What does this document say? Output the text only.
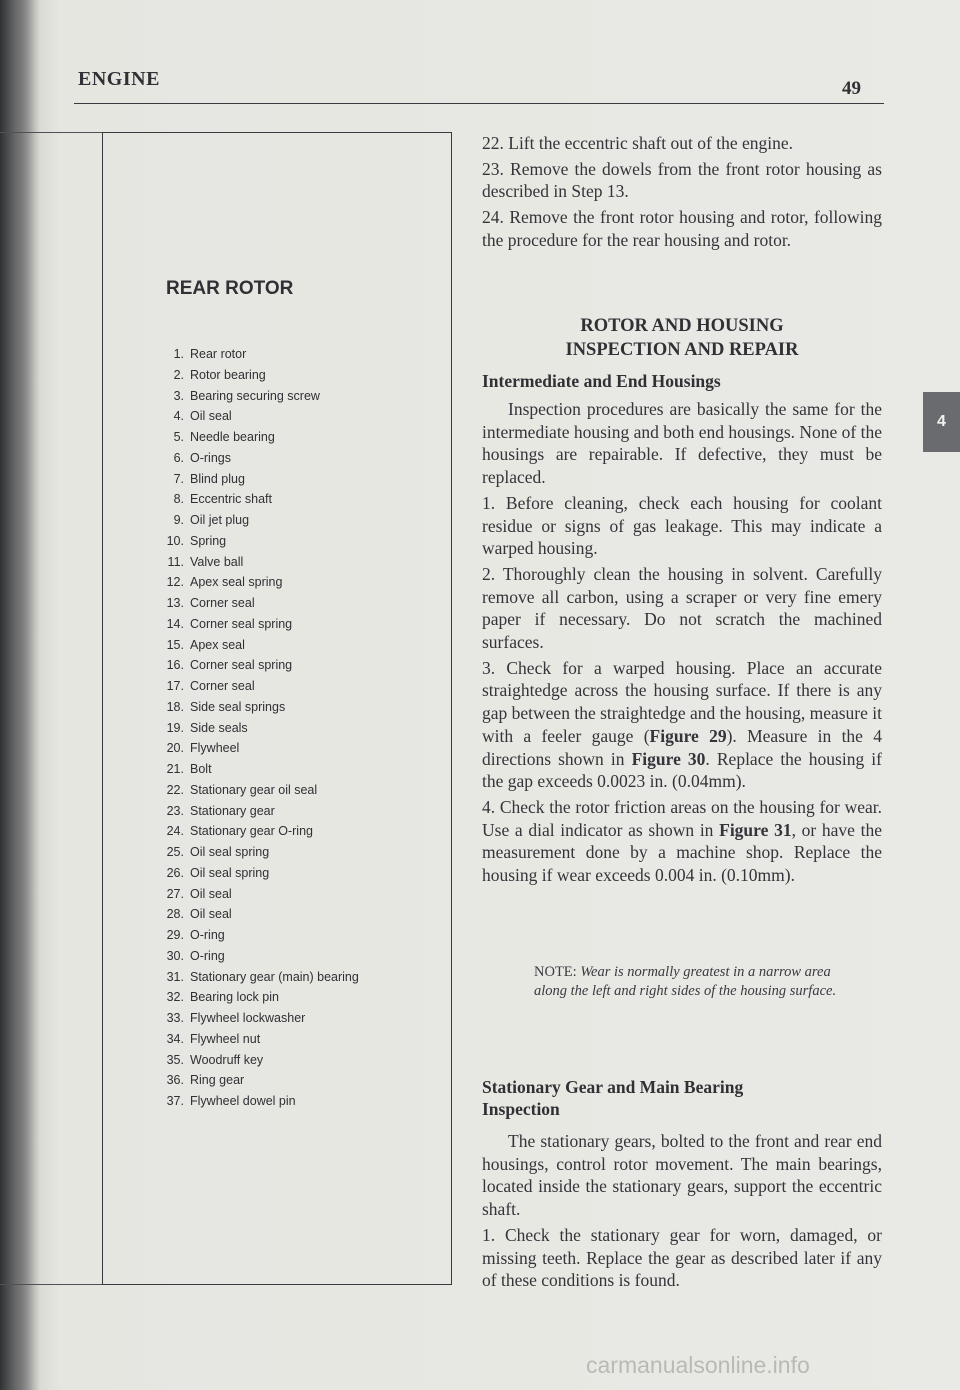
ENGINE	49
REAR ROTOR
1. Rear rotor
2. Rotor bearing
3. Bearing securing screw
4. Oil seal
5. Needle bearing
6. O-rings
7. Blind plug
8. Eccentric shaft
9. Oil jet plug
10. Spring
11. Valve ball
12. Apex seal spring
13. Corner seal
14. Corner seal spring
15. Apex seal
16. Corner seal spring
17. Corner seal
18. Side seal springs
19. Side seals
20. Flywheel
21. Bolt
22. Stationary gear oil seal
23. Stationary gear
24. Stationary gear O-ring
25. Oil seal spring
26. Oil seal spring
27. Oil seal
28. Oil seal
29. O-ring
30. O-ring
31. Stationary gear (main) bearing
32. Bearing lock pin
33. Flywheel lockwasher
34. Flywheel nut
35. Woodruff key
36. Ring gear
37. Flywheel dowel pin
4

22. Lift the eccentric shaft out of the engine.

23. Remove the dowels from the front rotor housing as described in Step 13.

24. Remove the front rotor housing and rotor, following the procedure for the rear housing and rotor.

ROTOR AND HOUSING
INSPECTION AND REPAIR
Intermediate and End Housings

Inspection procedures are basically the same for the intermediate housing and both end housings. None of the housings are repairable. If defective, they must be replaced.

1. Before cleaning, check each housing for coolant residue or signs of gas leakage. This may indicate a warped housing.

2. Thoroughly clean the housing in solvent. Carefully remove all carbon, using a scraper or very fine emery paper if necessary. Do not scratch the machined surfaces.

3. Check for a warped housing. Place an accurate straightedge across the housing surface. If there is any gap between the straightedge and the housing, measure it with a feeler gauge (Figure 29). Measure in the 4 directions shown in Figure 30. Replace the housing if the gap exceeds 0.0023 in. (0.04mm).

4. Check the rotor friction areas on the housing for wear. Use a dial indicator as shown in Figure 31, or have the measurement done by a machine shop. Replace the housing if wear exceeds 0.004 in. (0.10mm).

NOTE: Wear is normally greatest in a narrow area along the left and right sides of the housing surface.
Stationary Gear and Main Bearing
Inspection

The stationary gears, bolted to the front and rear end housings, control rotor movement. The main bearings, located inside the stationary gears, support the eccentric shaft.

1. Check the stationary gear for worn, damaged, or missing teeth. Replace the gear as described later if any of these conditions is found.

carmanualsonline.info
